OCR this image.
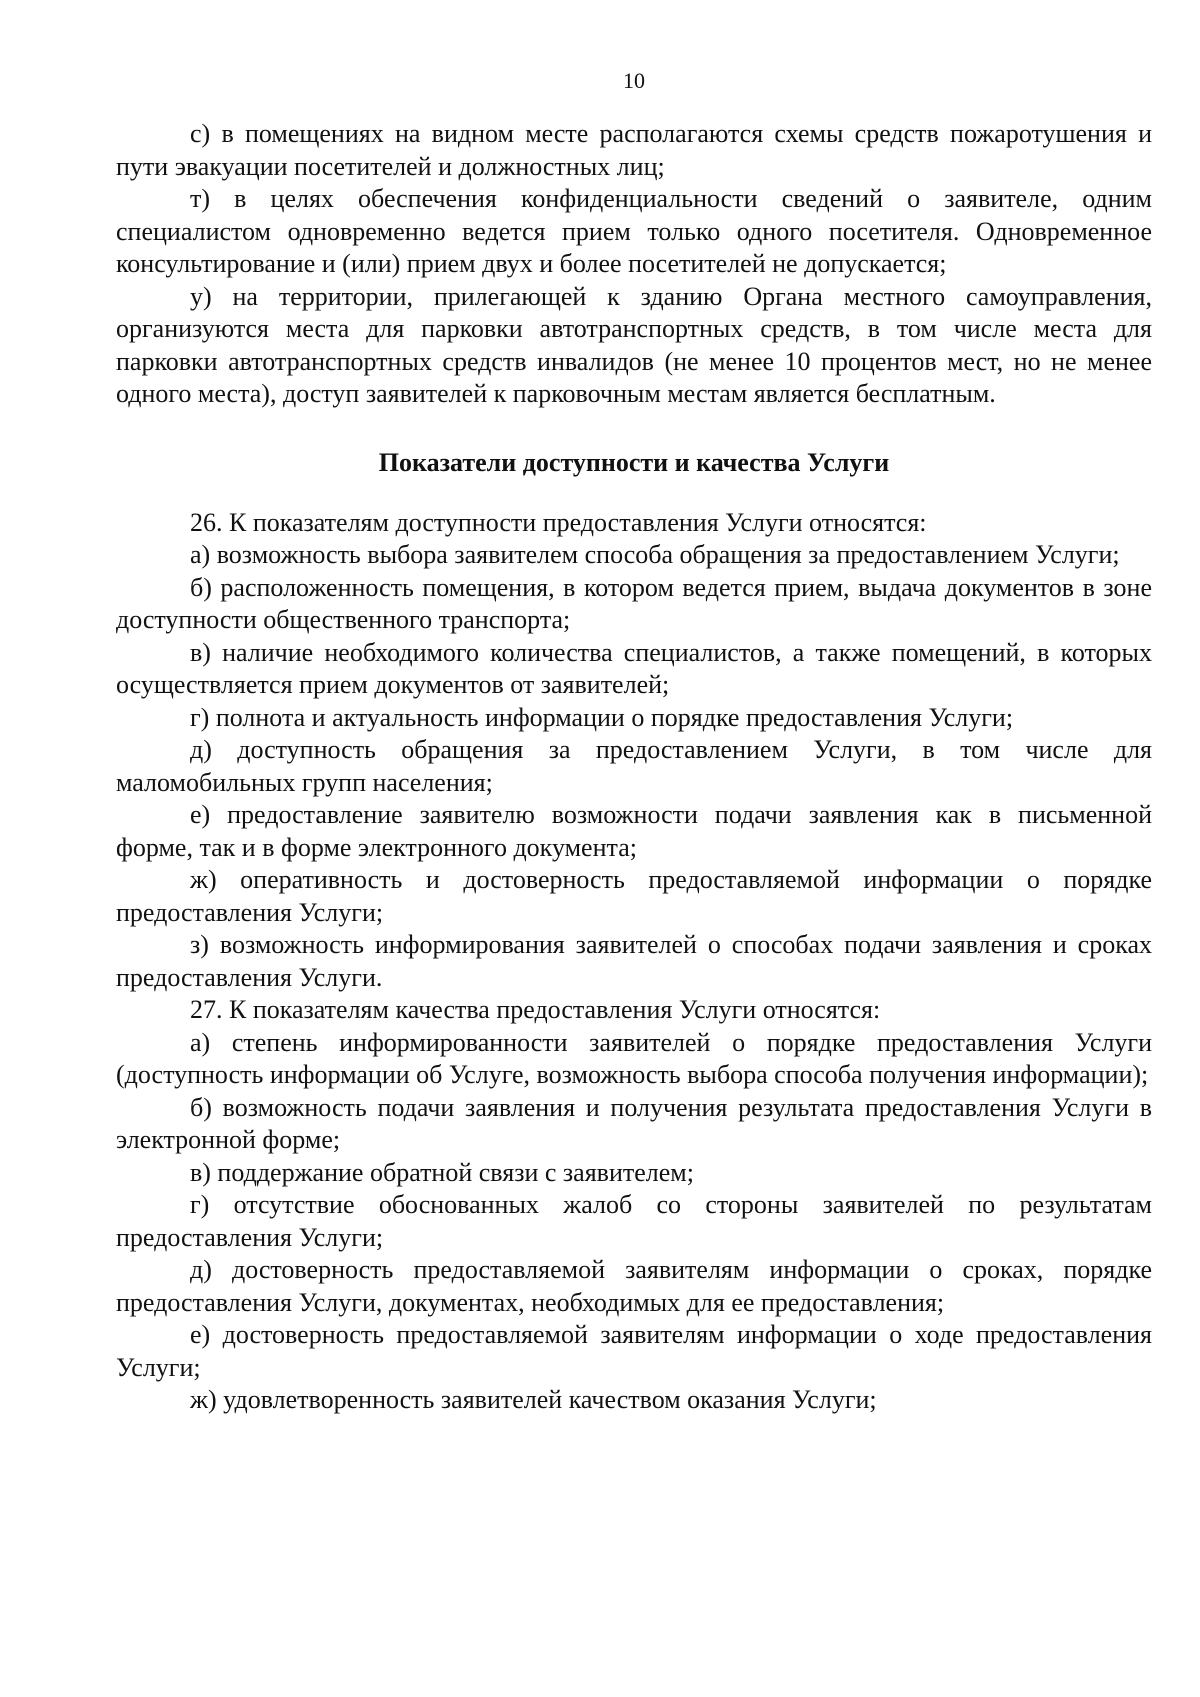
10

с) в помещениях на видном месте располагаются схемы средств пожаротушения и пути эвакуации посетителей и должностных лиц;

т) в целях обеспечения конфиденциальности сведений о заявителе, одним специалистом одновременно ведется прием только одного посетителя. Одновременное консультирование и (или) прием двух и более посетителей не допускается;

у) на территории, прилегающей к зданию Органа местного самоуправления, организуются места для парковки автотранспортных средств, в том числе места для парковки автотранспортных средств инвалидов (не менее 10 процентов мест, но не менее одного места), доступ заявителей к парковочным местам является бесплатным.

Показатели доступности и качества Услуги

26. К показателям доступности предоставления Услуги относятся:

а) возможность выбора заявителем способа обращения за предоставлением Услуги;

б) расположенность помещения, в котором ведется прием, выдача документов в зоне доступности общественного транспорта;

в) наличие необходимого количества специалистов, а также помещений, в которых осуществляется прием документов от заявителей;

г) полнота и актуальность информации о порядке предоставления Услуги;

д) доступность обращения за предоставлением Услуги, в том числе для маломобильных групп населения;

е) предоставление заявителю возможности подачи заявления как в письменной форме, так и в форме электронного документа;

ж) оперативность и достоверность предоставляемой информации о порядке предоставления Услуги;

з) возможность информирования заявителей о способах подачи заявления и сроках предоставления Услуги.

27. К показателям качества предоставления Услуги относятся:

а) степень информированности заявителей о порядке предоставления Услуги (доступность информации об Услуге, возможность выбора способа получения информации);

б) возможность подачи заявления и получения результата предоставления Услуги в электронной форме;

в) поддержание обратной связи с заявителем;

г) отсутствие обоснованных жалоб со стороны заявителей по результатам предоставления Услуги;

д) достоверность предоставляемой заявителям информации о сроках, порядке предоставления Услуги, документах, необходимых для ее предоставления;

е) достоверность предоставляемой заявителям информации о ходе предоставления Услуги;

ж) удовлетворенность заявителей качеством оказания Услуги;
